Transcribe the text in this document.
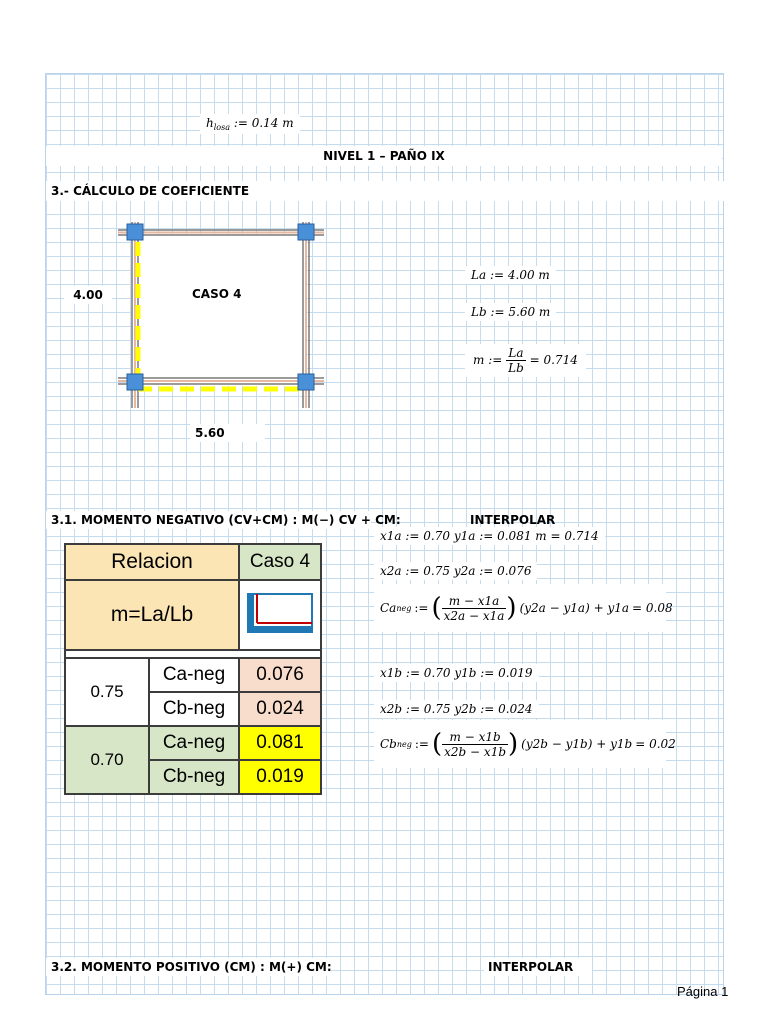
$h_{losa}$ := 0.14 m
NIVEL 1 – PAÑO IX
3.- CÁLCULO DE COEFICIENTE
4.00	CASO 4
5.60
La := 4.00 m
Lb := 5.60 m
m := $\frac{La}{Lb} = 0.714$
3.1. MOMENTO NEGATIVO (CV+CM) : M(−) CV + CM:	INTERPOLAR
Relacion		Caso 4
m=La/Lb	

0.75	Ca-neg	0.076
	Cb-neg	0.024
0.70	Ca-neg	0.081
	Cb-neg	0.019
x1a := 0.70 y1a := 0.081 m = 0.714
x2a := 0.75 y2a := 0.076
Ca neg := ( $\frac{m - x1a}{x2a - x1a}$ ) (y2a − y1a) + y1a = 0.08
x1b := 0.70 y1b := 0.019
x2b := 0.75 y2b := 0.024
Cb neg := ( $\frac{m - x1b}{x2b - x1b}$ ) (y2b − y1b) + y1b = 0.02
3.2. MOMENTO POSITIVO (CM) : M(+) CM:	INTERPOLAR
Página 1
